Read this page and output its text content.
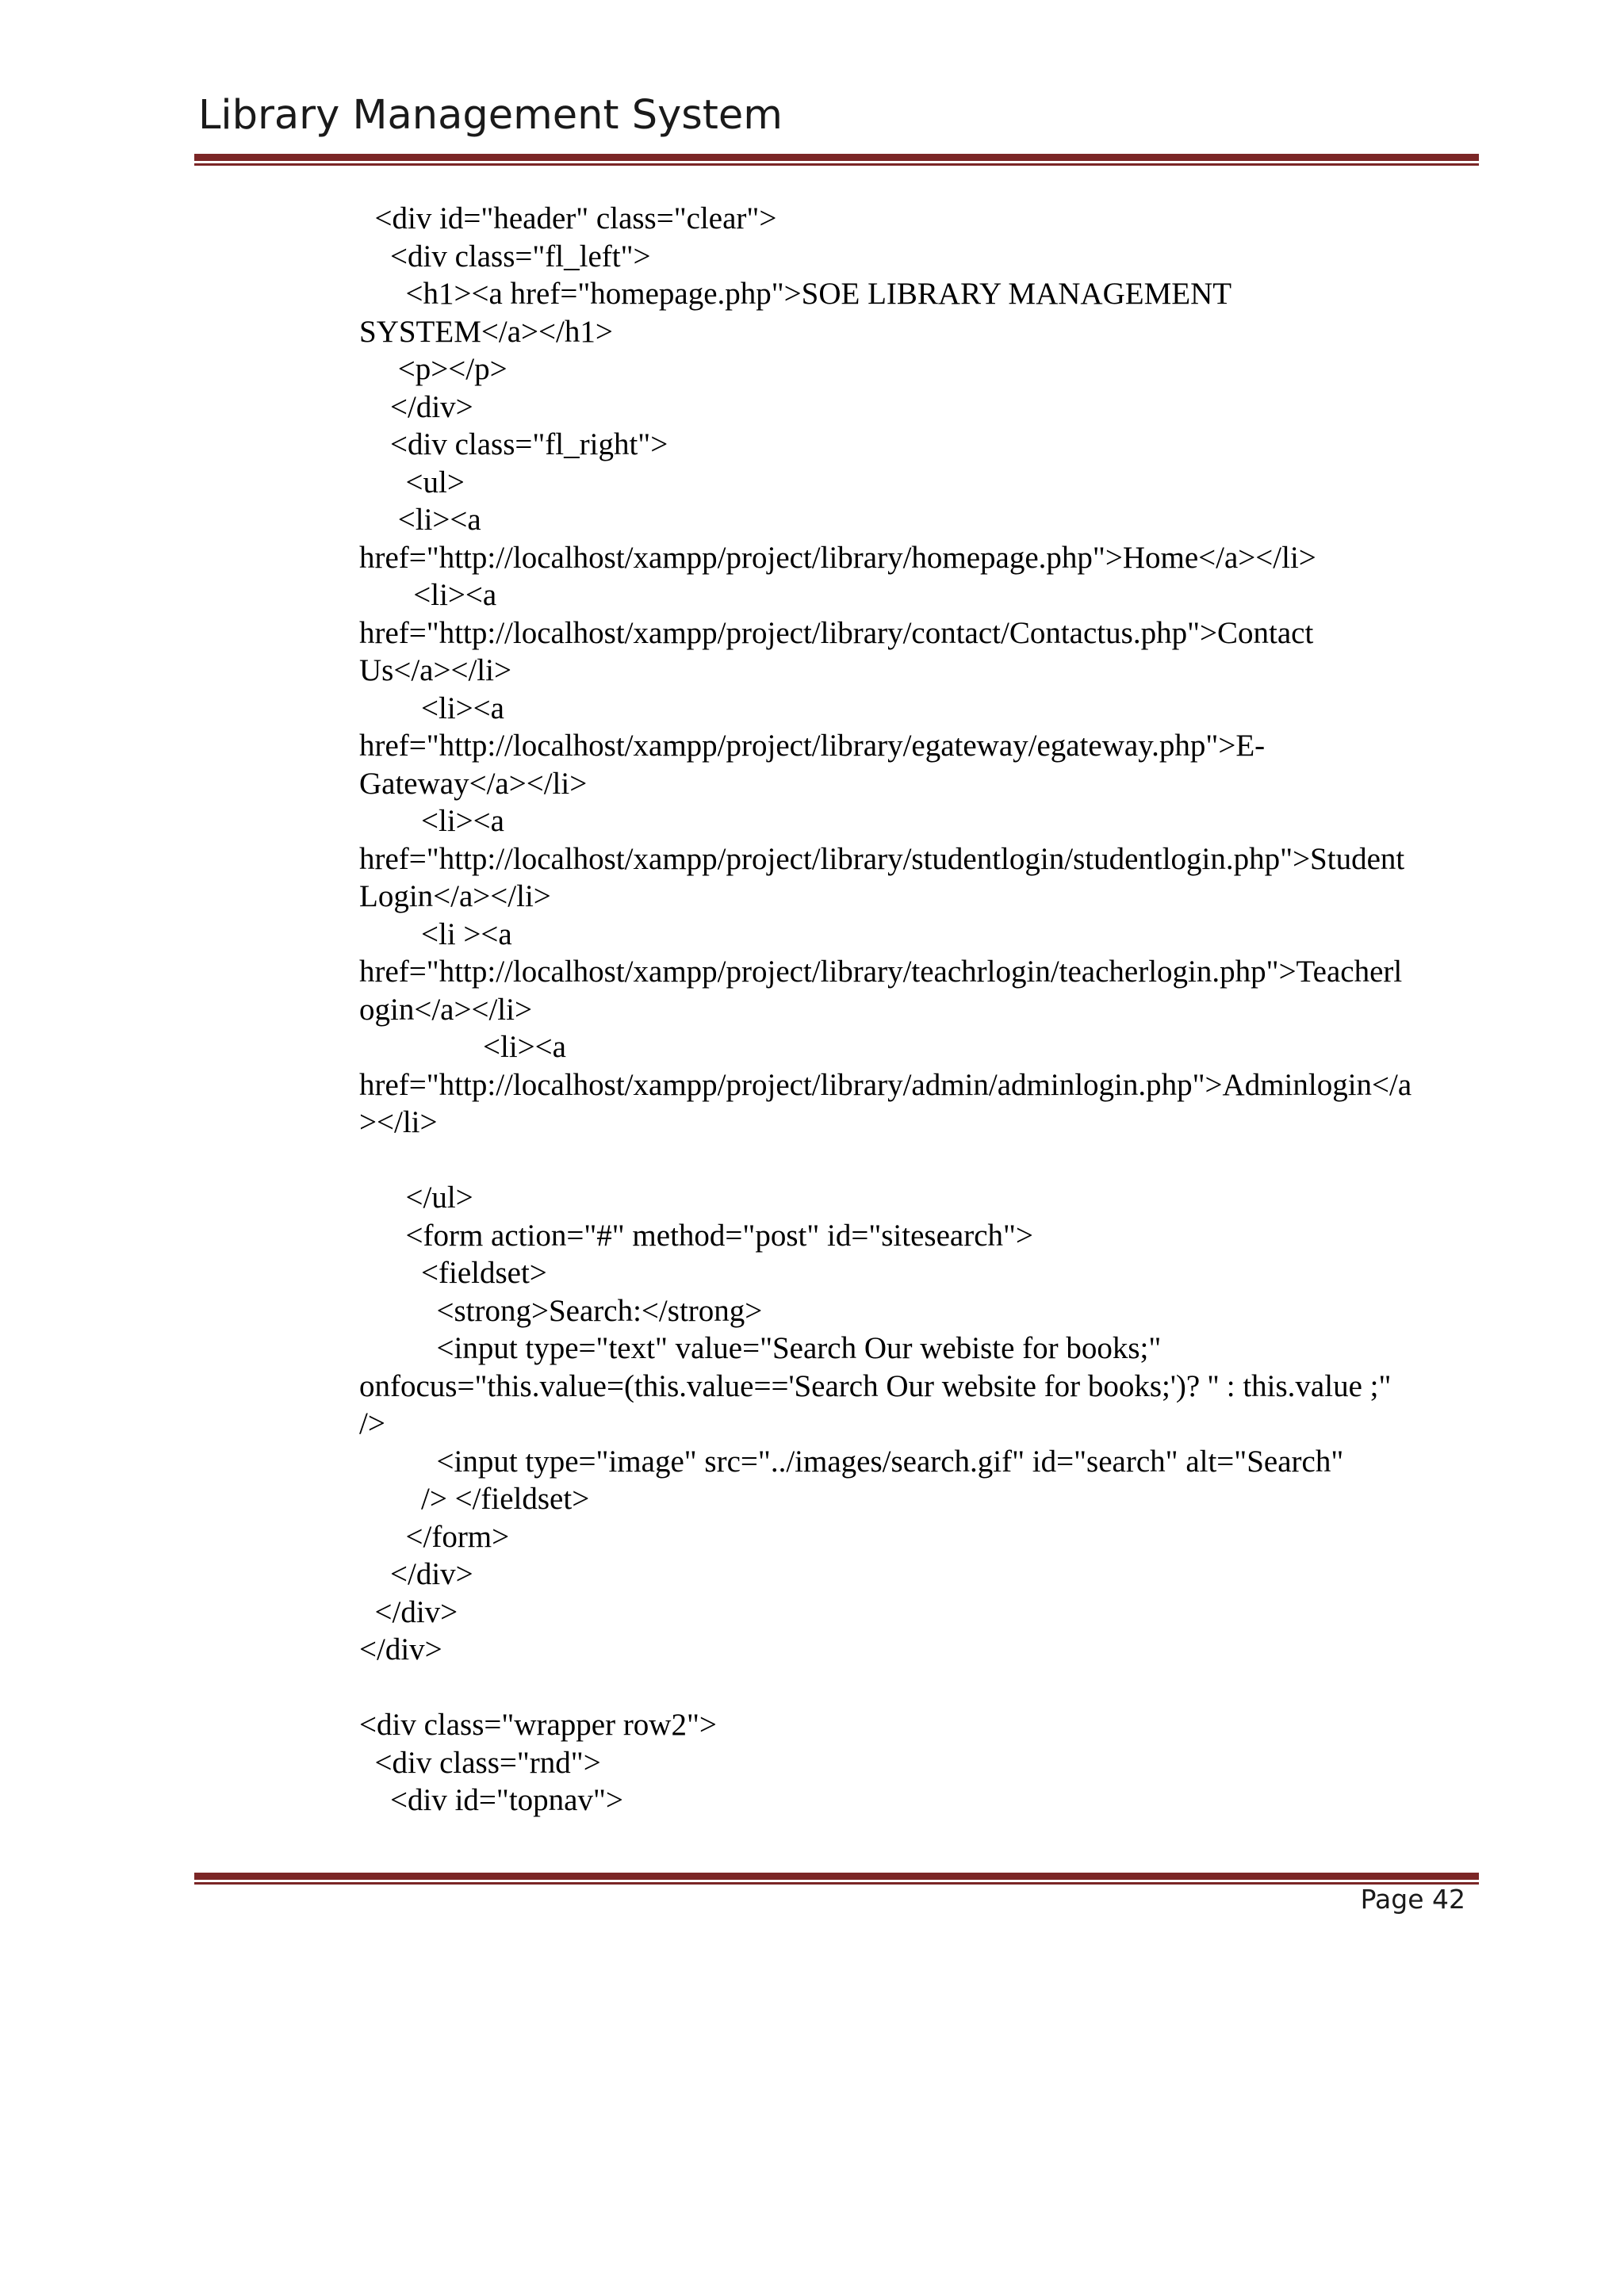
Library Management System
<div id="header" class="clear">
<div class="fl_left">
<h1><a href="homepage.php">SOE LIBRARY MANAGEMENT
SYSTEM</a></h1>
<p></p>
</div>
<div class="fl_right">
<ul>
<li><a
href="http://localhost/xampp/project/library/homepage.php">Home</a></li>
<li><a
href="http://localhost/xampp/project/library/contact/Contactus.php">Contact
Us</a></li>
<li><a
href="http://localhost/xampp/project/library/egateway/egateway.php">E-
Gateway</a></li>
<li><a
href="http://localhost/xampp/project/library/studentlogin/studentlogin.php">Student
Login</a></li>
<li ><a
href="http://localhost/xampp/project/library/teachrlogin/teacherlogin.php">Teacherl
ogin</a></li>
<li><a
href="http://localhost/xampp/project/library/admin/adminlogin.php">Adminlogin</a
></li>
</ul>
<form action="#" method="post" id="sitesearch">
<fieldset>
<strong>Search:</strong>
<input type="text" value="Search Our webiste for books;"
onfocus="this.value=(this.value=='Search Our website for books;')? '' : this.value ;"
/>
<input type="image" src="../images/search.gif" id="search" alt="Search"
/> </fieldset>
</form>
</div>
</div>
</div>
<div class="wrapper row2">
<div class="rnd">
<div id="topnav">
Page 42
